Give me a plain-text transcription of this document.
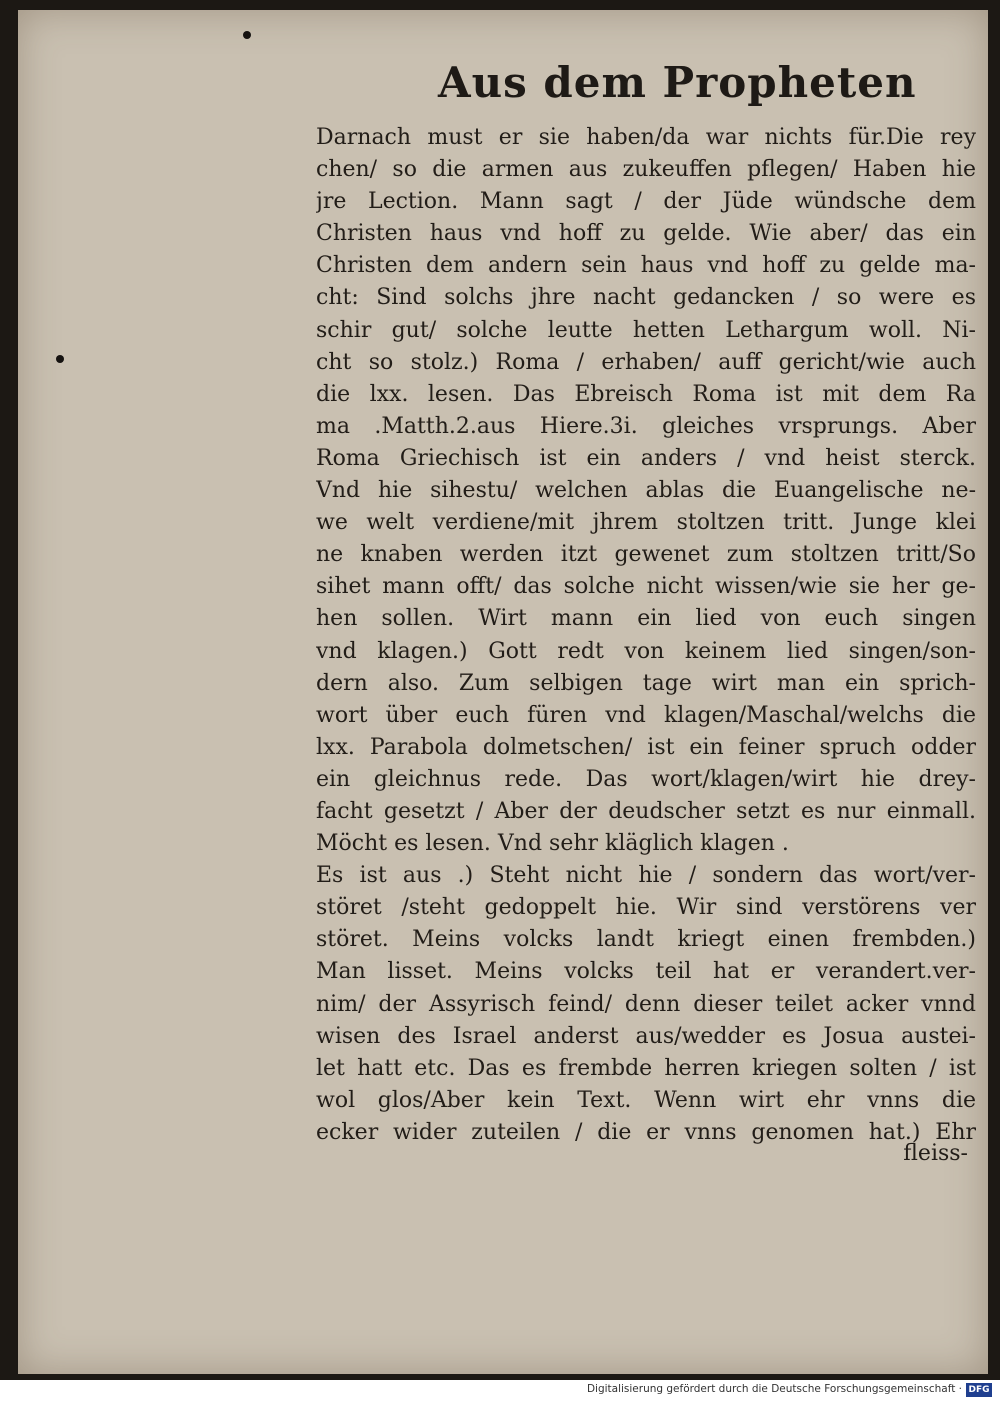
Aus dem Propheten
Darnach must er sie haben/da war nichts für.Die rey
chen/ so die armen aus zukeuffen pflegen/ Haben hie
jre Lection. Mann sagt / der Jüde wündsche dem
Christen haus vnd hoff zu gelde. Wie aber/ das ein
Christen dem andern sein haus vnd hoff zu gelde ma-
cht: Sind solchs jhre nacht gedancken / so were es
schir gut/ solche leutte hetten Lethargum woll. Ni-
cht so stolz.) Roma / erhaben/ auff gericht/wie auch
die lxx. lesen. Das Ebreisch Roma ist mit dem Ra
ma .Matth.2.aus Hiere.3i. gleiches vrsprungs. Aber
Roma Griechisch ist ein anders / vnd heist sterck.
Vnd hie sihestu/ welchen ablas die Euangelische ne-
we welt verdiene/mit jhrem stoltzen tritt. Junge klei
ne knaben werden itzt gewenet zum stoltzen tritt/So
sihet mann offt/ das solche nicht wissen/wie sie her ge-
hen sollen. Wirt mann ein lied von euch singen
vnd klagen.) Gott redt von keinem lied singen/son-
dern also. Zum selbigen tage wirt man ein sprich-
wort über euch füren vnd klagen/Maschal/welchs die
lxx. Parabola dolmetschen/ ist ein feiner spruch odder
ein gleichnus rede. Das wort/klagen/wirt hie drey-
facht gesetzt / Aber der deudscher setzt es nur einmall.
Möcht es lesen. Vnd sehr kläglich klagen .
Es ist aus .) Steht nicht hie / sondern das wort/ver-
störet /steht gedoppelt hie. Wir sind verstörens ver
störet. Meins volcks landt kriegt einen frembden.)
Man lisset. Meins volcks teil hat er verandert.ver-
nim/ der Assyrisch feind/ denn dieser teilet acker vnnd
wisen des Israel anderst aus/wedder es Josua austei-
let hatt etc. Das es frembde herren kriegen solten / ist
wol glos/Aber kein Text. Wenn wirt ehr vnns die
ecker wider zuteilen / die er vnns genomen hat.) Ehr
fleiss-
Digitalisierung gefördert durch die Deutsche Forschungsgemeinschaft · DFG
